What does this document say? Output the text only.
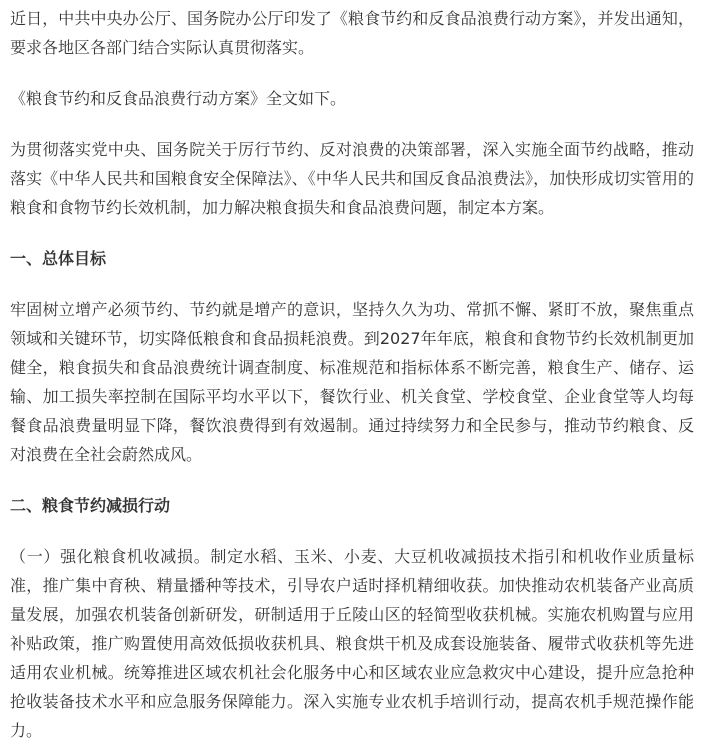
近日，中共中央办公厅、国务院办公厅印发了《粮食节约和反食品浪费行动方案》，并发出通知，要求各地区各部门结合实际认真贯彻落实。

《粮食节约和反食品浪费行动方案》全文如下。

为贯彻落实党中央、国务院关于厉行节约、反对浪费的决策部署，深入实施全面节约战略，推动落实《中华人民共和国粮食安全保障法》、《中华人民共和国反食品浪费法》，加快形成切实管用的粮食和食物节约长效机制，加力解决粮食损失和食品浪费问题，制定本方案。

一、总体目标

牢固树立增产必须节约、节约就是增产的意识，坚持久久为功、常抓不懈、紧盯不放，聚焦重点领域和关键环节，切实降低粮食和食品损耗浪费。到2027年年底，粮食和食物节约长效机制更加健全，粮食损失和食品浪费统计调查制度、标准规范和指标体系不断完善，粮食生产、储存、运输、加工损失率控制在国际平均水平以下，餐饮行业、机关食堂、学校食堂、企业食堂等人均每餐食品浪费量明显下降，餐饮浪费得到有效遏制。通过持续努力和全民参与，推动节约粮食、反对浪费在全社会蔚然成风。

二、粮食节约减损行动

（一）强化粮食机收减损。制定水稻、玉米、小麦、大豆机收减损技术指引和机收作业质量标准，推广集中育秧、精量播种等技术，引导农户适时择机精细收获。加快推动农机装备产业高质量发展，加强农机装备创新研发，研制适用于丘陵山区的轻简型收获机械。实施农机购置与应用补贴政策，推广购置使用高效低损收获机具、粮食烘干机及成套设施装备、履带式收获机等先进适用农业机械。统筹推进区域农机社会化服务中心和区域农业应急救灾中心建设，提升应急抢种抢收装备技术水平和应急服务保障能力。深入实施专业农机手培训行动，提高农机手规范操作能力。
